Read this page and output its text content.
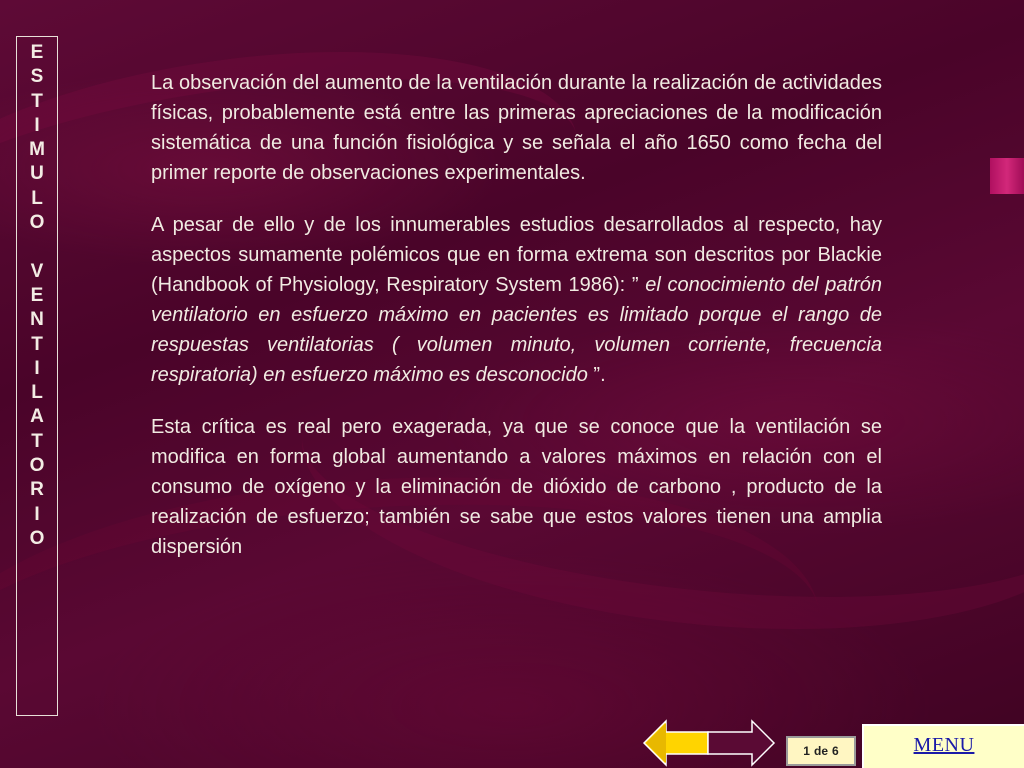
E
S
T
I
M
U
L
O
V
E
N
T
I
L
A
T
O
R
I
O

La observación del aumento de la ventilación durante la realización de actividades físicas, probablemente está entre las primeras apreciaciones de la modificación sistemática de una función fisiológica y se señala el año 1650 como fecha del primer reporte de observaciones experimentales.

A pesar de ello y de los innumerables estudios desarrollados al respecto, hay aspectos sumamente polémicos que en forma extrema son descritos por Blackie (Handbook of Physiology, Respiratory System 1986): ” el conocimiento del patrón ventilatorio en esfuerzo máximo en pacientes es limitado porque el rango de respuestas ventilatorias ( volumen minuto, volumen corriente, frecuencia respiratoria) en esfuerzo máximo es desconocido ”.

Esta crítica es real pero exagerada, ya que se conoce que la ventilación se modifica en forma global aumentando a valores máximos en relación con el consumo de oxígeno y la eliminación de dióxido de carbono , producto de la realización de esfuerzo; también se sabe que estos valores tienen una amplia dispersión

1 de 6	MENU
